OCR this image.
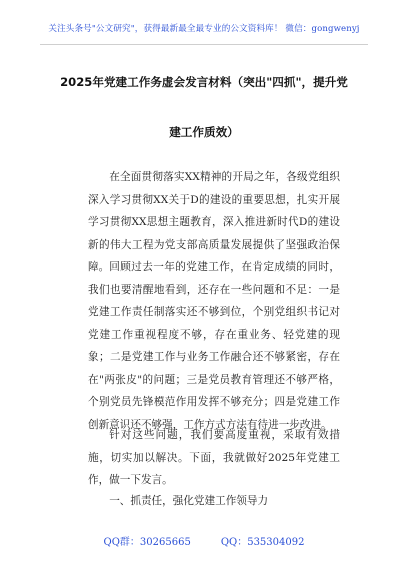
关注头条号"公文研究"，获得最新最全最专业的公文资料库！ 微信：gongwenyj
2025年党建工作务虚会发言材料（突出"四抓"，提升党
建工作质效）

在全面贯彻落实XX精神的开局之年，各级党组织深入学习贯彻XX关于D的建设的重要思想，扎实开展学习贯彻XX思想主题教育，深入推进新时代D的建设新的伟大工程为党支部高质量发展提供了坚强政治保障。 回顾过去一年的党建工作，在肯定成绩的同时，我们也要清醒地看到，还存在一些问题和不足：一是党建工作责任制落实还不够到位，个别党组织书记对党建工作重视程度不够，存在重业务、轻党建的现象；二是党建工作与业务工作融合还不够紧密，存在在"两张皮"的问题；三是党员教育管理还不够严格，个别党员先锋模范作用发挥不够充分；四是党建工作创新意识还不够强，工作方式方法有待进一步改进。

针对这些问题，我们要高度重视，采取有效措施，切实加以解决。下面，我就做好2025年党建工作，做一下发言。

一、抓责任，强化党建工作领导力
QQ群：30265665	QQ：535304092
